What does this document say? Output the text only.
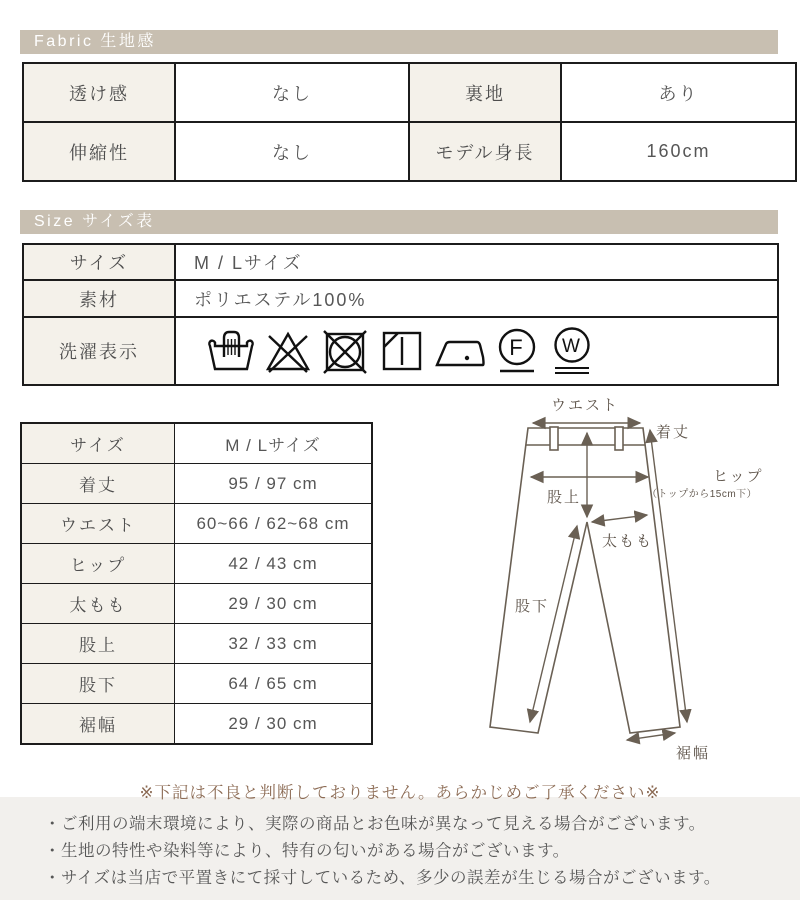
Fabric 生地感
透け感	なし	裏地	あり
伸縮性	なし	モデル身長	160cm
Size サイズ表
サイズ	M / Lサイズ
素材	ポリエステル100%
洗濯表示	F W
サイズ	M / Lサイズ
着丈	95 / 97 cm
ウエスト	60~66 / 62~68 cm
ヒップ	42 / 43 cm
太もも	29 / 30 cm
股上	32 / 33 cm
股下	64 / 65 cm
裾幅	29 / 30 cm
ウエスト
着丈
ヒップ
（トップから15cm下）
股上
太もも
股下
裾幅
※下記は不良と判断しておりません。あらかじめご了承ください※
・ご利用の端末環境により、実際の商品とお色味が異なって見える場合がございます。
・生地の特性や染料等により、特有の匂いがある場合がございます。
・サイズは当店で平置きにて採寸しているため、多少の誤差が生じる場合がございます。
